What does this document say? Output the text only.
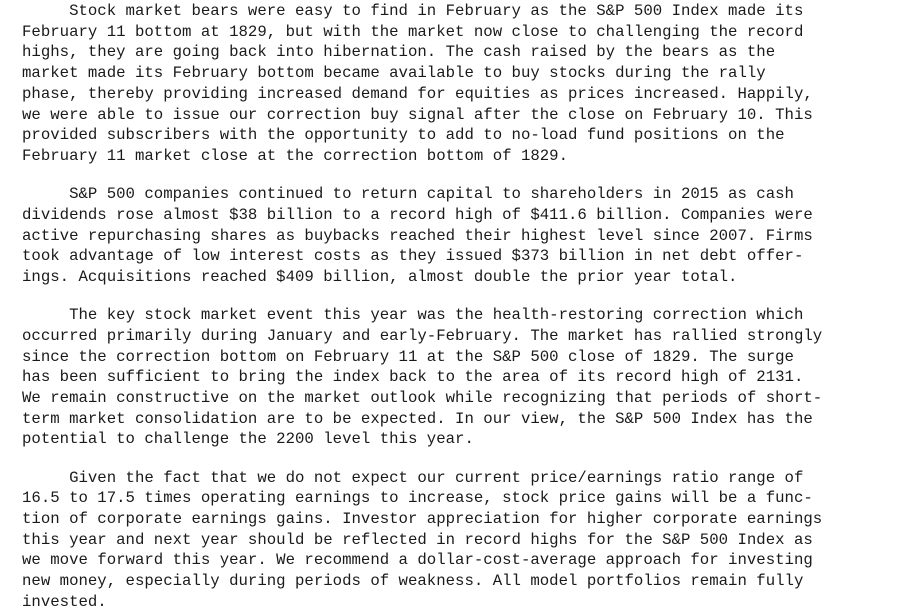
Stock market bears were easy to find in February as the S&P 500 Index made its
February 11 bottom at 1829, but with the market now close to challenging the record
highs, they are going back into hibernation. The cash raised by the bears as the
market made its February bottom became available to buy stocks during the rally
phase, thereby providing increased demand for equities as prices increased. Happily,
we were able to issue our correction buy signal after the close on February 10. This
provided subscribers with the opportunity to add to no-load fund positions on the
February 11 market close at the correction bottom of 1829.
S&P 500 companies continued to return capital to shareholders in 2015 as cash
dividends rose almost $38 billion to a record high of $411.6 billion. Companies were
active repurchasing shares as buybacks reached their highest level since 2007. Firms
took advantage of low interest costs as they issued $373 billion in net debt offer-
ings. Acquisitions reached $409 billion, almost double the prior year total.
The key stock market event this year was the health-restoring correction which
occurred primarily during January and early-February. The market has rallied strongly
since the correction bottom on February 11 at the S&P 500 close of 1829. The surge
has been sufficient to bring the index back to the area of its record high of 2131.
We remain constructive on the market outlook while recognizing that periods of short-
term market consolidation are to be expected. In our view, the S&P 500 Index has the
potential to challenge the 2200 level this year.
Given the fact that we do not expect our current price/earnings ratio range of
16.5 to 17.5 times operating earnings to increase, stock price gains will be a func-
tion of corporate earnings gains. Investor appreciation for higher corporate earnings
this year and next year should be reflected in record highs for the S&P 500 Index as
we move forward this year. We recommend a dollar-cost-average approach for investing
new money, especially during periods of weakness. All model portfolios remain fully
invested.
